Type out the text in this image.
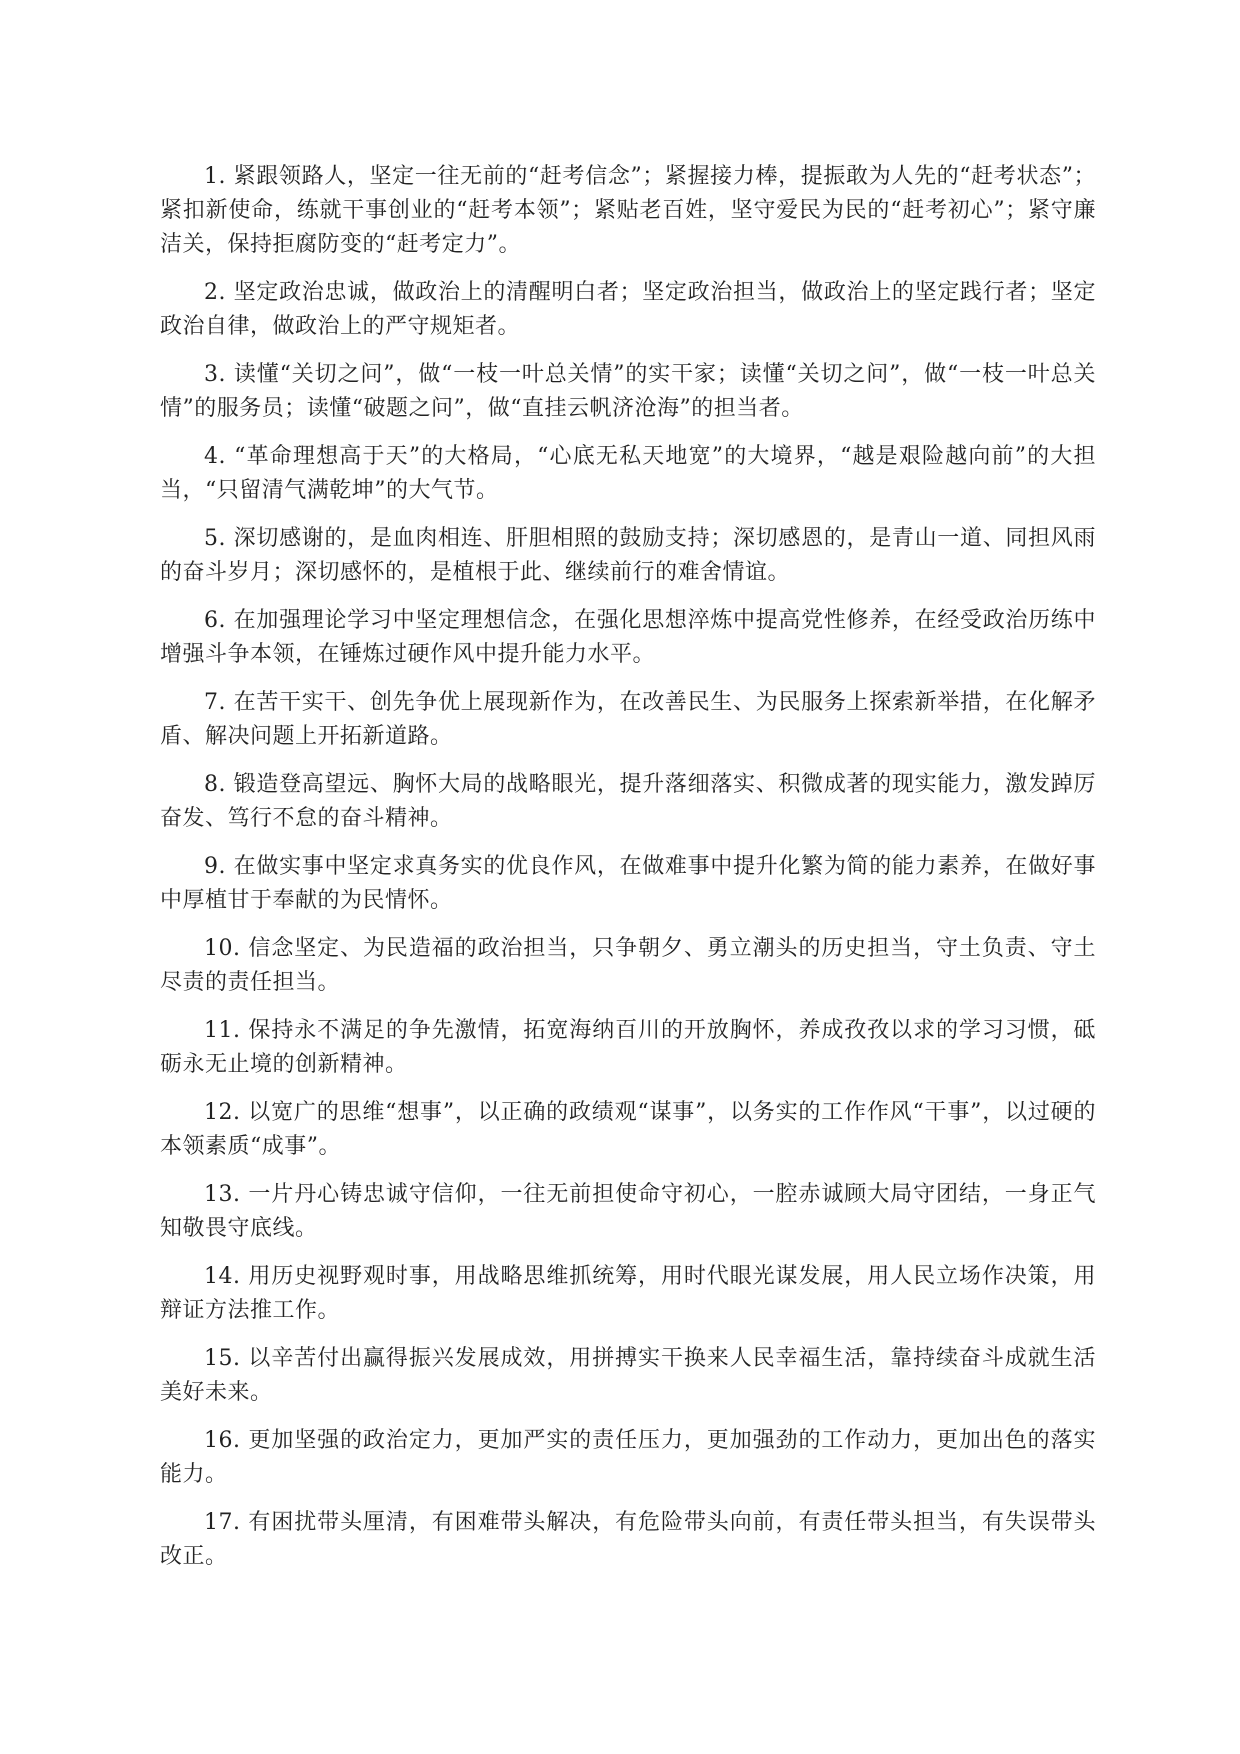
1. 紧跟领路人，坚定一往无前的“赶考信念”；紧握接力棒，提振敢为人先的“赶考状态”；紧扣新使命，练就干事创业的“赶考本领”；紧贴老百姓，坚守爱民为民的“赶考初心”；紧守廉洁关，保持拒腐防变的“赶考定力”。

2. 坚定政治忠诚，做政治上的清醒明白者；坚定政治担当，做政治上的坚定践行者；坚定政治自律，做政治上的严守规矩者。

3. 读懂“关切之问”，做“一枝一叶总关情”的实干家；读懂“关切之问”，做“一枝一叶总关情”的服务员；读懂“破题之问”，做“直挂云帆济沧海”的担当者。

4. “革命理想高于天”的大格局，“心底无私天地宽”的大境界，“越是艰险越向前”的大担当，“只留清气满乾坤”的大气节。

5. 深切感谢的，是血肉相连、肝胆相照的鼓励支持；深切感恩的，是青山一道、同担风雨的奋斗岁月；深切感怀的，是植根于此、继续前行的难舍情谊。

6. 在加强理论学习中坚定理想信念，在强化思想淬炼中提高党性修养，在经受政治历练中增强斗争本领，在锤炼过硬作风中提升能力水平。

7. 在苦干实干、创先争优上展现新作为，在改善民生、为民服务上探索新举措，在化解矛盾、解决问题上开拓新道路。

8. 锻造登高望远、胸怀大局的战略眼光，提升落细落实、积微成著的现实能力，激发踔厉奋发、笃行不怠的奋斗精神。

9. 在做实事中坚定求真务实的优良作风，在做难事中提升化繁为简的能力素养，在做好事中厚植甘于奉献的为民情怀。

10. 信念坚定、为民造福的政治担当，只争朝夕、勇立潮头的历史担当，守土负责、守土尽责的责任担当。

11. 保持永不满足的争先激情，拓宽海纳百川的开放胸怀，养成孜孜以求的学习习惯，砥砺永无止境的创新精神。

12. 以宽广的思维“想事”，以正确的政绩观“谋事”，以务实的工作作风“干事”，以过硬的本领素质“成事”。

13. 一片丹心铸忠诚守信仰，一往无前担使命守初心，一腔赤诚顾大局守团结，一身正气知敬畏守底线。

14. 用历史视野观时事，用战略思维抓统筹，用时代眼光谋发展，用人民立场作决策，用辩证方法推工作。

15. 以辛苦付出赢得振兴发展成效，用拼搏实干换来人民幸福生活，靠持续奋斗成就生活美好未来。

16. 更加坚强的政治定力，更加严实的责任压力，更加强劲的工作动力，更加出色的落实能力。

17. 有困扰带头厘清，有困难带头解决，有危险带头向前，有责任带头担当，有失误带头改正。
